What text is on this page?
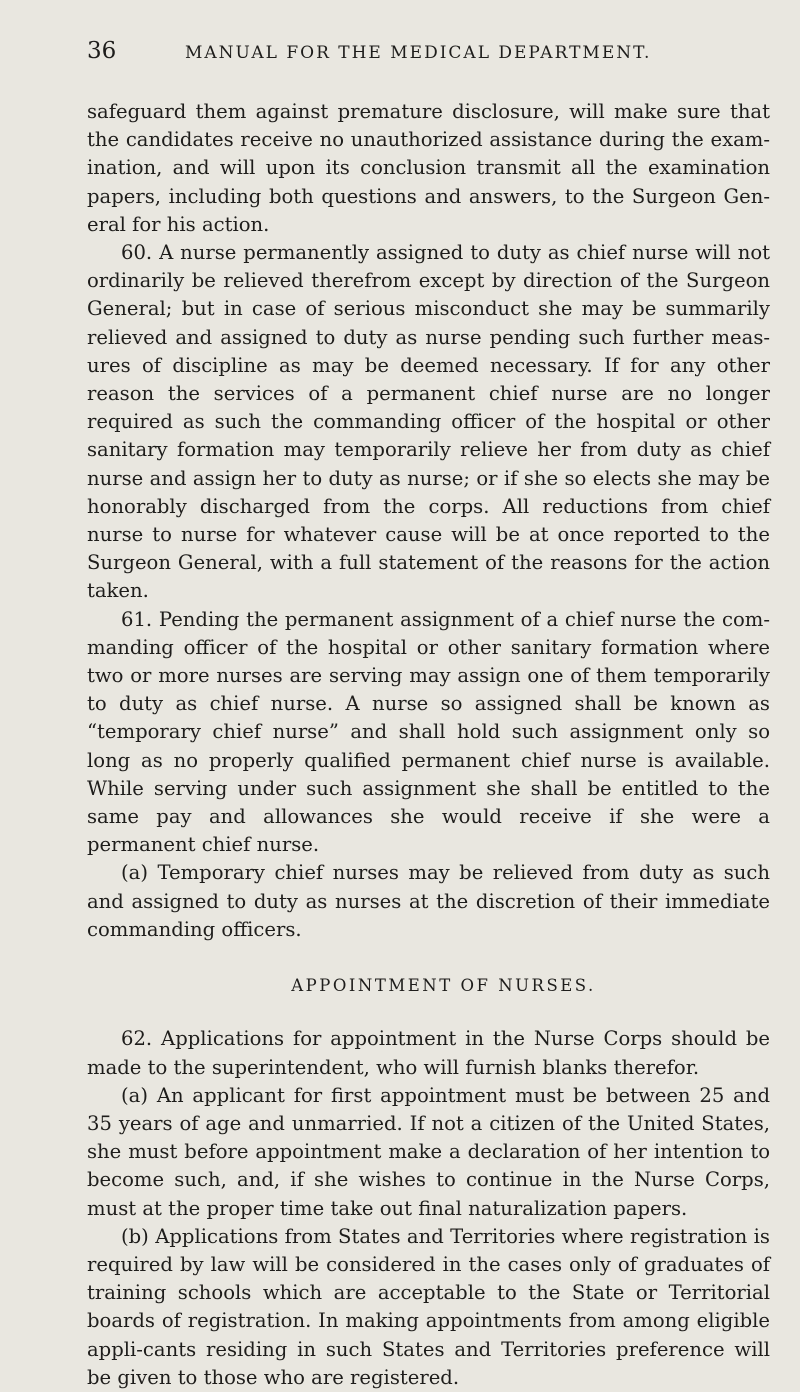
36	MANUAL FOR THE MEDICAL DEPARTMENT.

safeguard them against premature disclosure, will make sure that the candidates receive no unauthorized assistance during the exam-ination, and will upon its conclusion transmit all the examination papers, including both questions and answers, to the Surgeon Gen-eral for his action.

60. A nurse permanently assigned to duty as chief nurse will not ordinarily be relieved therefrom except by direction of the Surgeon General; but in case of serious misconduct she may be summarily relieved and assigned to duty as nurse pending such further meas-ures of discipline as may be deemed necessary. If for any other reason the services of a permanent chief nurse are no longer required as such the commanding officer of the hospital or other sanitary formation may temporarily relieve her from duty as chief nurse and assign her to duty as nurse; or if she so elects she may be honorably discharged from the corps. All reductions from chief nurse to nurse for whatever cause will be at once reported to the Surgeon General, with a full statement of the reasons for the action taken.

61. Pending the permanent assignment of a chief nurse the com-manding officer of the hospital or other sanitary formation where two or more nurses are serving may assign one of them temporarily to duty as chief nurse. A nurse so assigned shall be known as “temporary chief nurse” and shall hold such assignment only so long as no properly qualified permanent chief nurse is available. While serving under such assignment she shall be entitled to the same pay and allowances she would receive if she were a permanent chief nurse.

(a) Temporary chief nurses may be relieved from duty as such and assigned to duty as nurses at the discretion of their immediate commanding officers.

APPOINTMENT OF NURSES.

62. Applications for appointment in the Nurse Corps should be made to the superintendent, who will furnish blanks therefor.

(a) An applicant for first appointment must be between 25 and 35 years of age and unmarried. If not a citizen of the United States, she must before appointment make a declaration of her intention to become such, and, if she wishes to continue in the Nurse Corps, must at the proper time take out final naturalization papers.

(b) Applications from States and Territories where registration is required by law will be considered in the cases only of graduates of training schools which are acceptable to the State or Territorial boards of registration. In making appointments from among eligible appli-cants residing in such States and Territories preference will be given to those who are registered.
